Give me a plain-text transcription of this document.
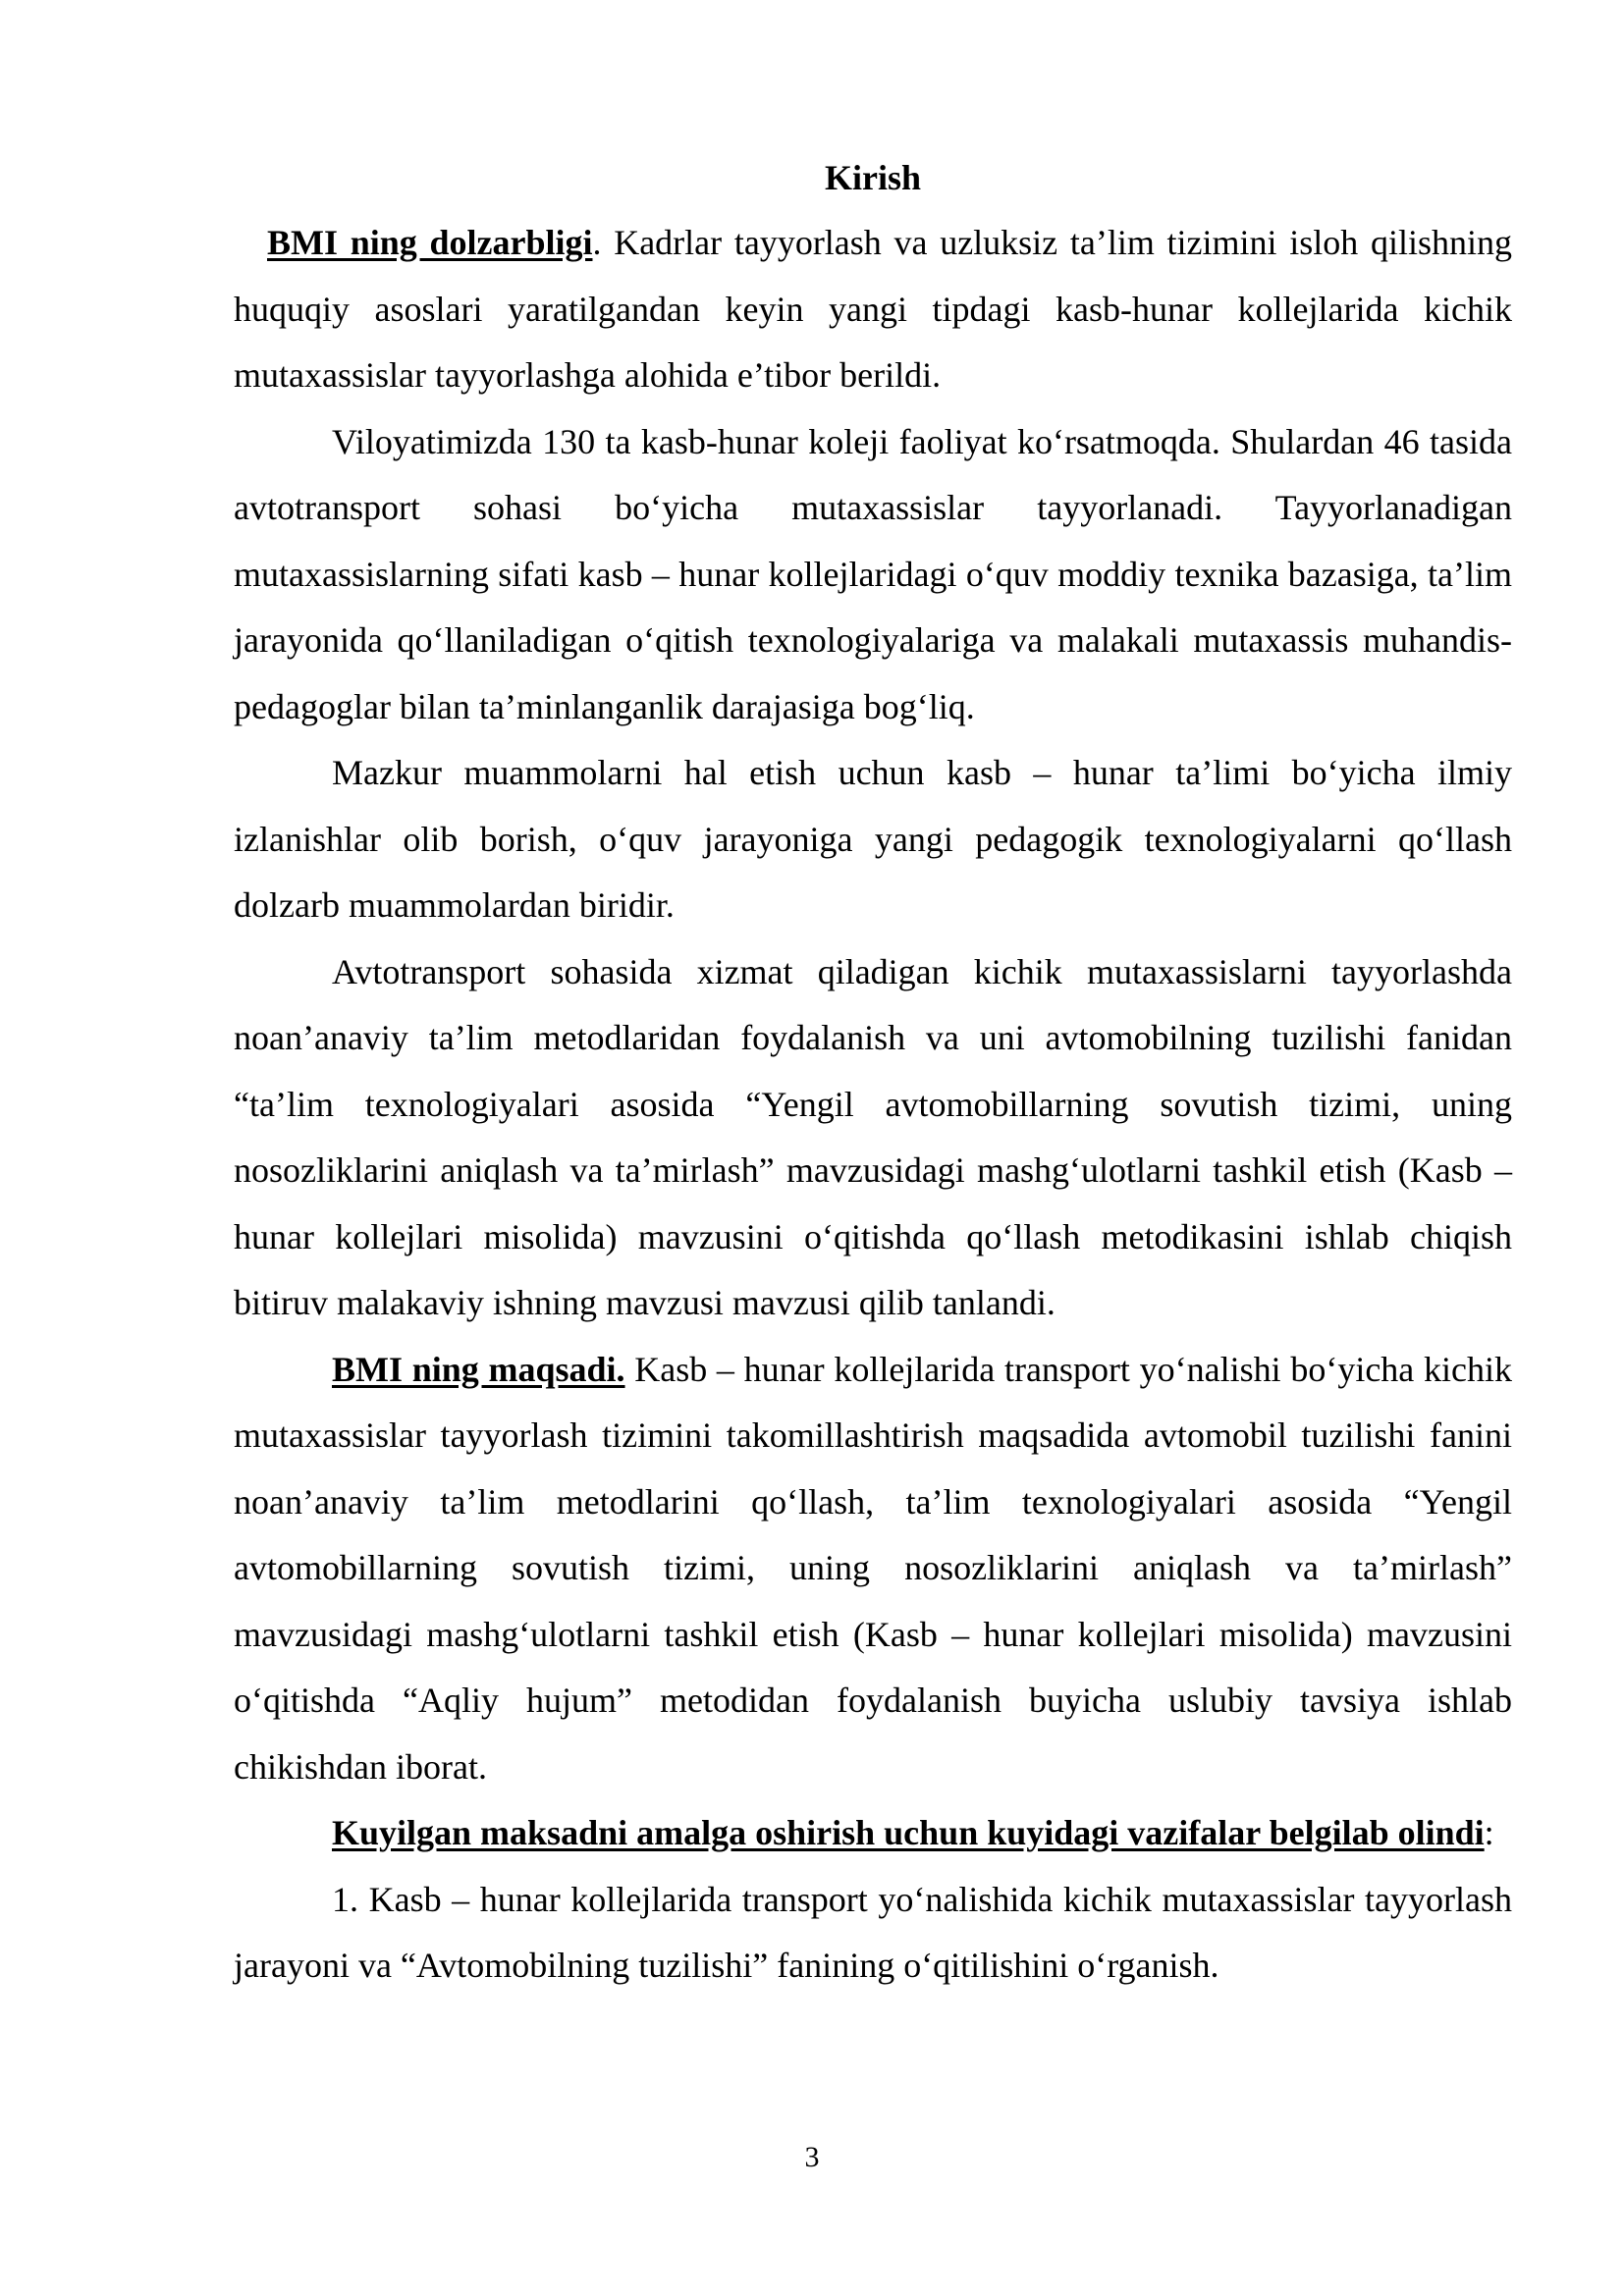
Kirish

BMI ning dolzarbligi. Kadrlar tayyorlash va uzluksiz ta’lim tizimini isloh qilishning huquqiy asoslari yaratilgandan keyin yangi tipdagi kasb-hunar kollejlarida kichik mutaxassislar tayyorlashga alohida e’tibor berildi.

Viloyatimizda 130 ta kasb-hunar koleji faoliyat ko‘rsatmoqda. Shulardan 46 tasida avtotransport sohasi bo‘yicha mutaxassislar tayyorlanadi. Tayyorlanadigan mutaxassislarning sifati kasb – hunar kollejlaridagi o‘quv moddiy texnika bazasiga, ta’lim jarayonida qo‘llaniladigan o‘qitish texnologiyalariga va malakali mutaxassis muhandis-pedagoglar bilan ta’minlanganlik darajasiga bog‘liq.

Mazkur muammolarni hal etish uchun kasb – hunar ta’limi bo‘yicha ilmiy izlanishlar olib borish, o‘quv jarayoniga yangi pedagogik texnologiyalarni qo‘llash dolzarb muammolardan biridir.

Avtotransport sohasida xizmat qiladigan kichik mutaxassislarni tayyorlashda noan’anaviy ta’lim metodlaridan foydalanish va uni avtomobilning tuzilishi fanidan “ta’lim texnologiyalari asosida “Yengil avtomobillarning sovutish tizimi, uning nosozliklarini aniqlash va ta’mirlash” mavzusidagi mashg‘ulotlarni tashkil etish (Kasb – hunar kollejlari misolida) mavzusini o‘qitishda qo‘llash metodikasini ishlab chiqish bitiruv malakaviy ishning mavzusi mavzusi qilib tanlandi.

BMI ning maqsadi. Kasb – hunar kollejlarida transport yo‘nalishi bo‘yicha kichik mutaxassislar tayyorlash tizimini takomillashtirish maqsadida avtomobil tuzilishi fanini noan’anaviy ta’lim metodlarini qo‘llash, ta’lim texnologiyalari asosida “Yengil avtomobillarning sovutish tizimi, uning nosozliklarini aniqlash va ta’mirlash” mavzusidagi mashg‘ulotlarni tashkil etish (Kasb – hunar kollejlari misolida) mavzusini o‘qitishda “Aqliy hujum” metodidan foydalanish buyicha uslubiy tavsiya ishlab chikishdan iborat.

Kuyilgan maksadni amalga oshirish uchun kuyidagi vazifalar belgilab olindi:

1. Kasb – hunar kollejlarida transport yo‘nalishida kichik mutaxassislar tayyorlash jarayoni va “Avtomobilning tuzilishi” fanining o‘qitilishini o‘rganish.

3
